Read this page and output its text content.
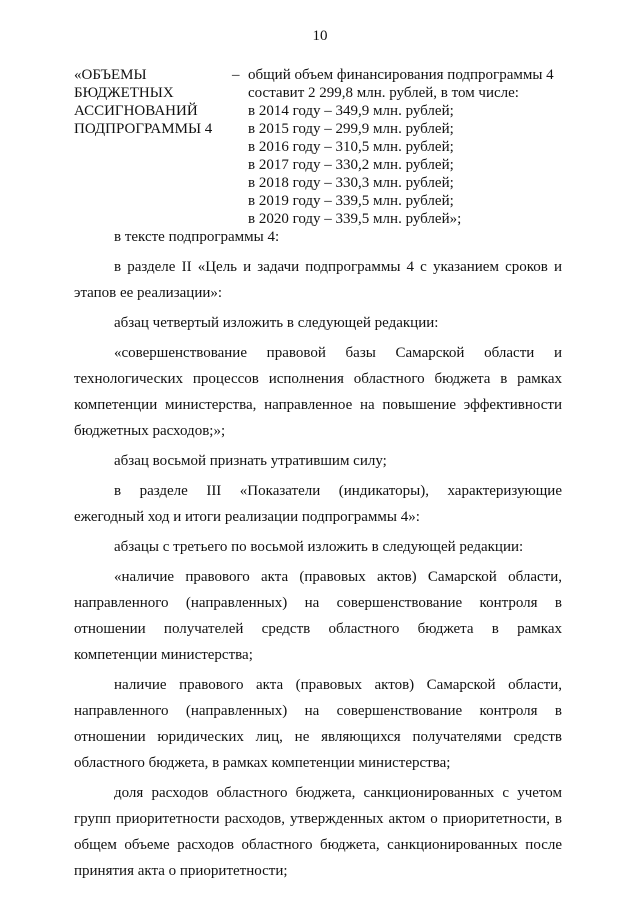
10
«ОБЪЕМЫ
БЮДЖЕТНЫХ
АССИГНОВАНИЙ
ПОДПРОГРАММЫ 4
– общий объем финансирования подпрограммы 4
составит 2 299,8 млн. рублей, в том числе:
в 2014 году – 349,9 млн. рублей;
в 2015 году – 299,9 млн. рублей;
в 2016 году – 310,5 млн. рублей;
в 2017 году – 330,2 млн. рублей;
в 2018 году – 330,3 млн. рублей;
в 2019 году – 339,5 млн. рублей;
в 2020 году – 339,5 млн. рублей»;

в тексте подпрограммы 4:

в разделе II «Цель и задачи подпрограммы 4 с указанием сроков и этапов ее реализации»:

абзац четвертый изложить в следующей редакции:

«совершенствование правовой базы Самарской области и технологических процессов исполнения областного бюджета в рамках компетенции министерства, направленное на повышение эффективности бюджетных расходов;»;

абзац восьмой признать утратившим силу;

в разделе III «Показатели (индикаторы), характеризующие ежегодный ход и итоги реализации подпрограммы 4»:

абзацы с третьего по восьмой изложить в следующей редакции:

«наличие правового акта (правовых актов) Самарской области, направленного (направленных) на совершенствование контроля в отношении получателей средств областного бюджета в рамках компетенции министерства;

наличие правового акта (правовых актов) Самарской области, направленного (направленных) на совершенствование контроля в отношении юридических лиц, не являющихся получателями средств областного бюджета, в рамках компетенции министерства;

доля расходов областного бюджета, санкционированных с учетом групп приоритетности расходов, утвержденных актом о приоритетности, в общем объеме расходов областного бюджета, санкционированных после принятия акта о приоритетности;
